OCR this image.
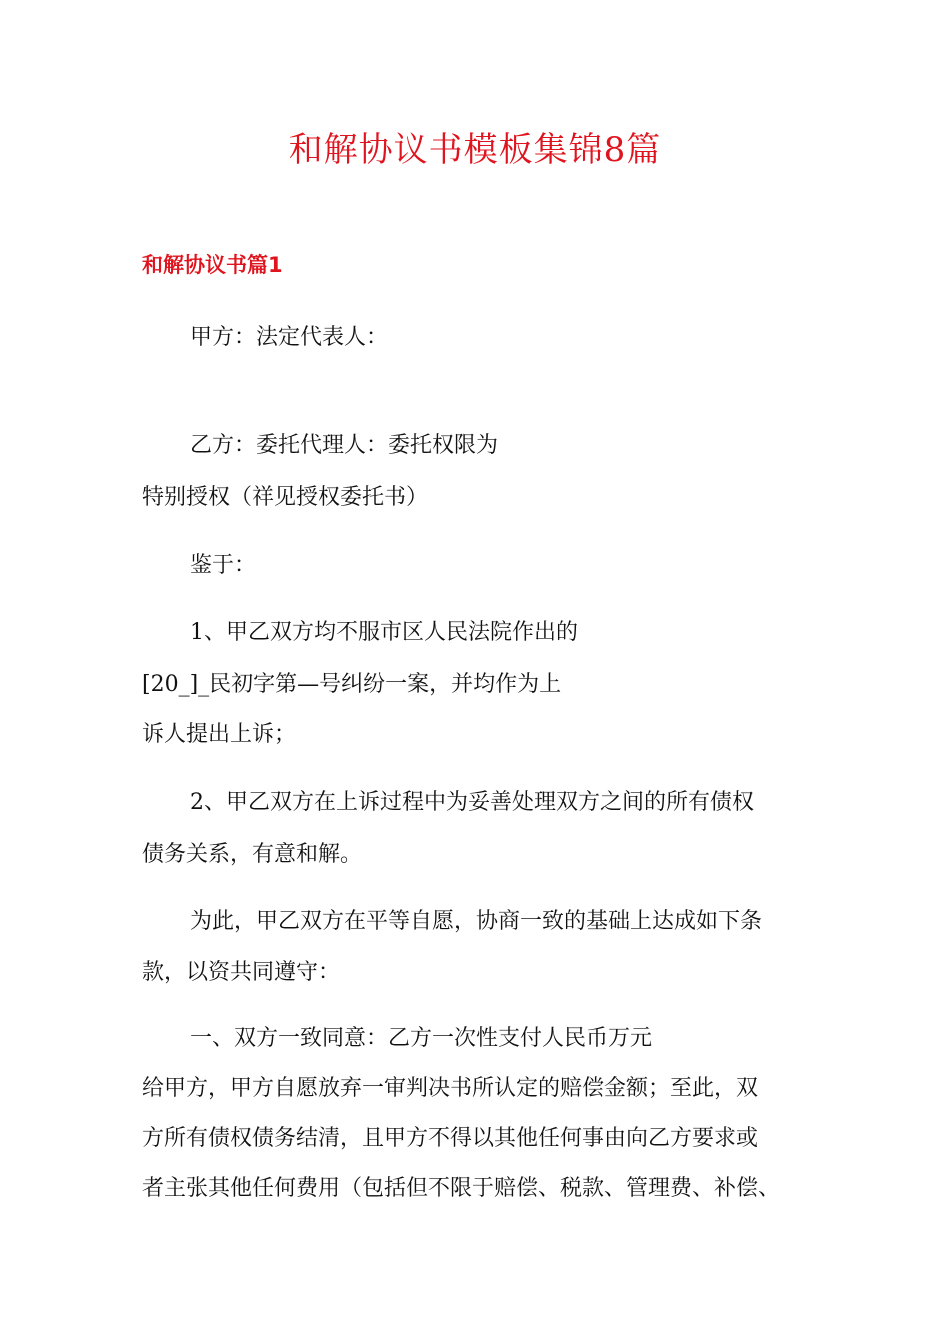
和解协议书模板集锦8篇
和解协议书篇1

甲方：法定代表人：

乙方：委托代理人：委托权限为

特别授权（祥见授权委托书）

鉴于：

1、甲乙双方均不服市区人民法院作出的

[20_]_民初字第—号纠纷一案，并均作为上

诉人提出上诉；

2、甲乙双方在上诉过程中为妥善处理双方之间的所有债权

债务关系，有意和解。

为此，甲乙双方在平等自愿，协商一致的基础上达成如下条

款，以资共同遵守：

一、双方一致同意：乙方一次性支付人民币万元

给甲方，甲方自愿放弃一审判决书所认定的赔偿金额；至此，双

方所有债权债务结清，且甲方不得以其他任何事由向乙方要求或

者主张其他任何费用（包括但不限于赔偿、税款、管理费、补偿、
